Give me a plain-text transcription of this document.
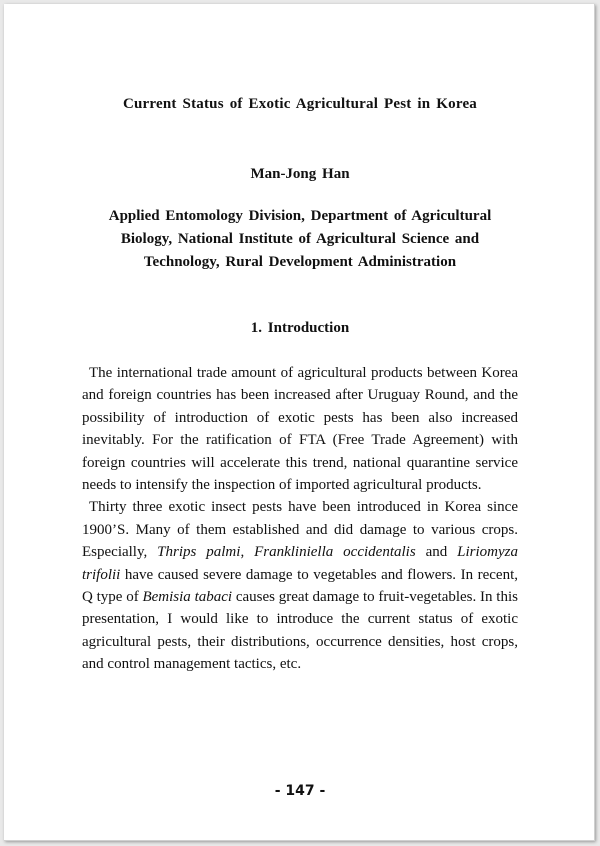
Current Status of Exotic Agricultural Pest in Korea
Man-Jong Han
Applied Entomology Division, Department of Agricultural
Biology, National Institute of Agricultural Science and
Technology, Rural Development Administration
1. Introduction

The international trade amount of agricultural products between Korea and foreign countries has been increased after Uruguay Round, and the possibility of introduction of exotic pests has been also increased inevitably. For the ratification of FTA (Free Trade Agreement) with foreign countries will accelerate this trend, national quarantine service needs to intensify the inspection of imported agricultural products.

Thirty three exotic insect pests have been introduced in Korea since 1900’S. Many of them established and did damage to various crops. Especially, Thrips palmi, Frankliniella occidentalis and Liriomyza trifolii have caused severe damage to vegetables and flowers. In recent, Q type of Bemisia tabaci causes great damage to fruit-vegetables. In this presentation, I would like to introduce the current status of exotic agricultural pests, their distributions, occurrence densities, host crops, and control management tactics, etc.

- 147 -
